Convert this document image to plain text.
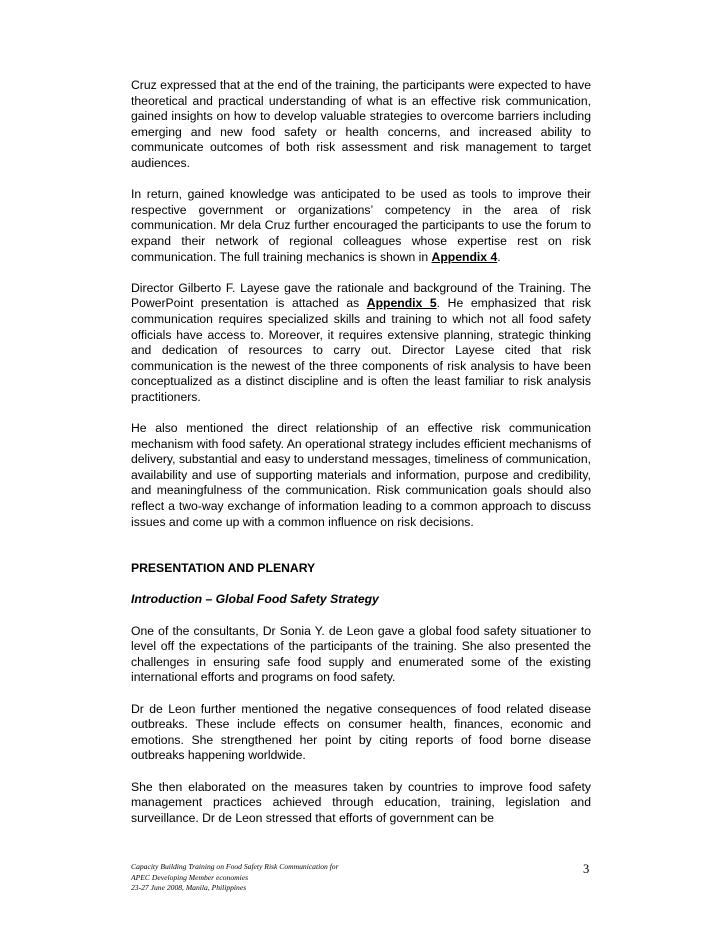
Cruz expressed that at the end of the training, the participants were expected to have theoretical and practical understanding of what is an effective risk communication, gained insights on how to develop valuable strategies to overcome barriers including emerging and new food safety or health concerns, and increased ability to communicate outcomes of both risk assessment and risk management to target audiences.

In return, gained knowledge was anticipated to be used as tools to improve their respective government or organizations’ competency in the area of risk communication. Mr dela Cruz further encouraged the participants to use the forum to expand their network of regional colleagues whose expertise rest on risk communication. The full training mechanics is shown in Appendix 4.

Director Gilberto F. Layese gave the rationale and background of the Training. The PowerPoint presentation is attached as Appendix 5. He emphasized that risk communication requires specialized skills and training to which not all food safety officials have access to. Moreover, it requires extensive planning, strategic thinking and dedication of resources to carry out. Director Layese cited that risk communication is the newest of the three components of risk analysis to have been conceptualized as a distinct discipline and is often the least familiar to risk analysis practitioners.

He also mentioned the direct relationship of an effective risk communication mechanism with food safety. An operational strategy includes efficient mechanisms of delivery, substantial and easy to understand messages, timeliness of communication, availability and use of supporting materials and information, purpose and credibility, and meaningfulness of the communication. Risk communication goals should also reflect a two-way exchange of information leading to a common approach to discuss issues and come up with a common influence on risk decisions.

PRESENTATION AND PLENARY

Introduction – Global Food Safety Strategy

One of the consultants, Dr Sonia Y. de Leon gave a global food safety situationer to level off the expectations of the participants of the training. She also presented the challenges in ensuring safe food supply and enumerated some of the existing international efforts and programs on food safety.

Dr de Leon further mentioned the negative consequences of food related disease outbreaks. These include effects on consumer health, finances, economic and emotions. She strengthened her point by citing reports of food borne disease outbreaks happening worldwide.

She then elaborated on the measures taken by countries to improve food safety management practices achieved through education, training, legislation and surveillance. Dr de Leon stressed that efforts of government can be

Capacity Building Training on Food Safety Risk Communication for
APEC Developing Member economies
23-27 June 2008, Manila, Philippines
3
